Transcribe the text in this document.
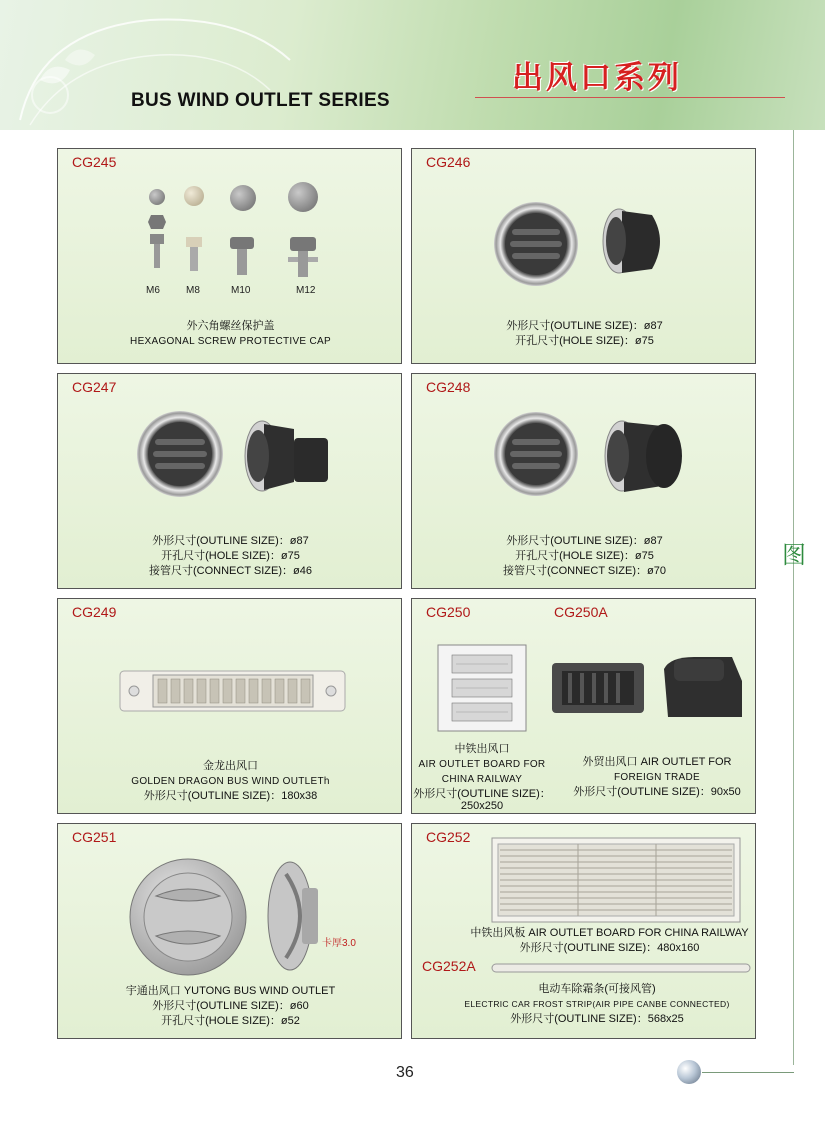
出风口系列
BUS WIND OUTLET SERIES
图
CG245
M6	M8	M10	M12
外六角螺丝保护盖
HEXAGONAL SCREW PROTECTIVE CAP
CG246
外形尺寸(OUTLINE SIZE)：ø87
开孔尺寸(HOLE SIZE)：ø75
CG247
外形尺寸(OUTLINE SIZE)：ø87
开孔尺寸(HOLE SIZE)：ø75
接管尺寸(CONNECT SIZE)：ø46
CG248
外形尺寸(OUTLINE SIZE)：ø87
开孔尺寸(HOLE SIZE)：ø75
接管尺寸(CONNECT SIZE)：ø70
CG249
金龙出风口
GOLDEN DRAGON BUS WIND OUTLETh
外形尺寸(OUTLINE SIZE)：180x38
CG250	CG250A
中铁出风口
AIR OUTLET BOARD FOR
CHINA RAILWAY
外形尺寸(OUTLINE SIZE)：
250x250
外贸出风口 AIR OUTLET FOR
FOREIGN TRADE
外形尺寸(OUTLINE SIZE)：90x50
CG251
卡厚3.0
宇通出风口 YUTONG BUS WIND OUTLET
外形尺寸(OUTLINE SIZE)：ø60
开孔尺寸(HOLE SIZE)：ø52
CG252
CG252A
中铁出风板 AIR OUTLET BOARD FOR CHINA RAILWAY
外形尺寸(OUTLINE SIZE)：480x160
电动车除霜条(可接风管)
ELECTRIC CAR FROST STRIP(AIR PIPE CANBE CONNECTED)
外形尺寸(OUTLINE SIZE)：568x25
36
